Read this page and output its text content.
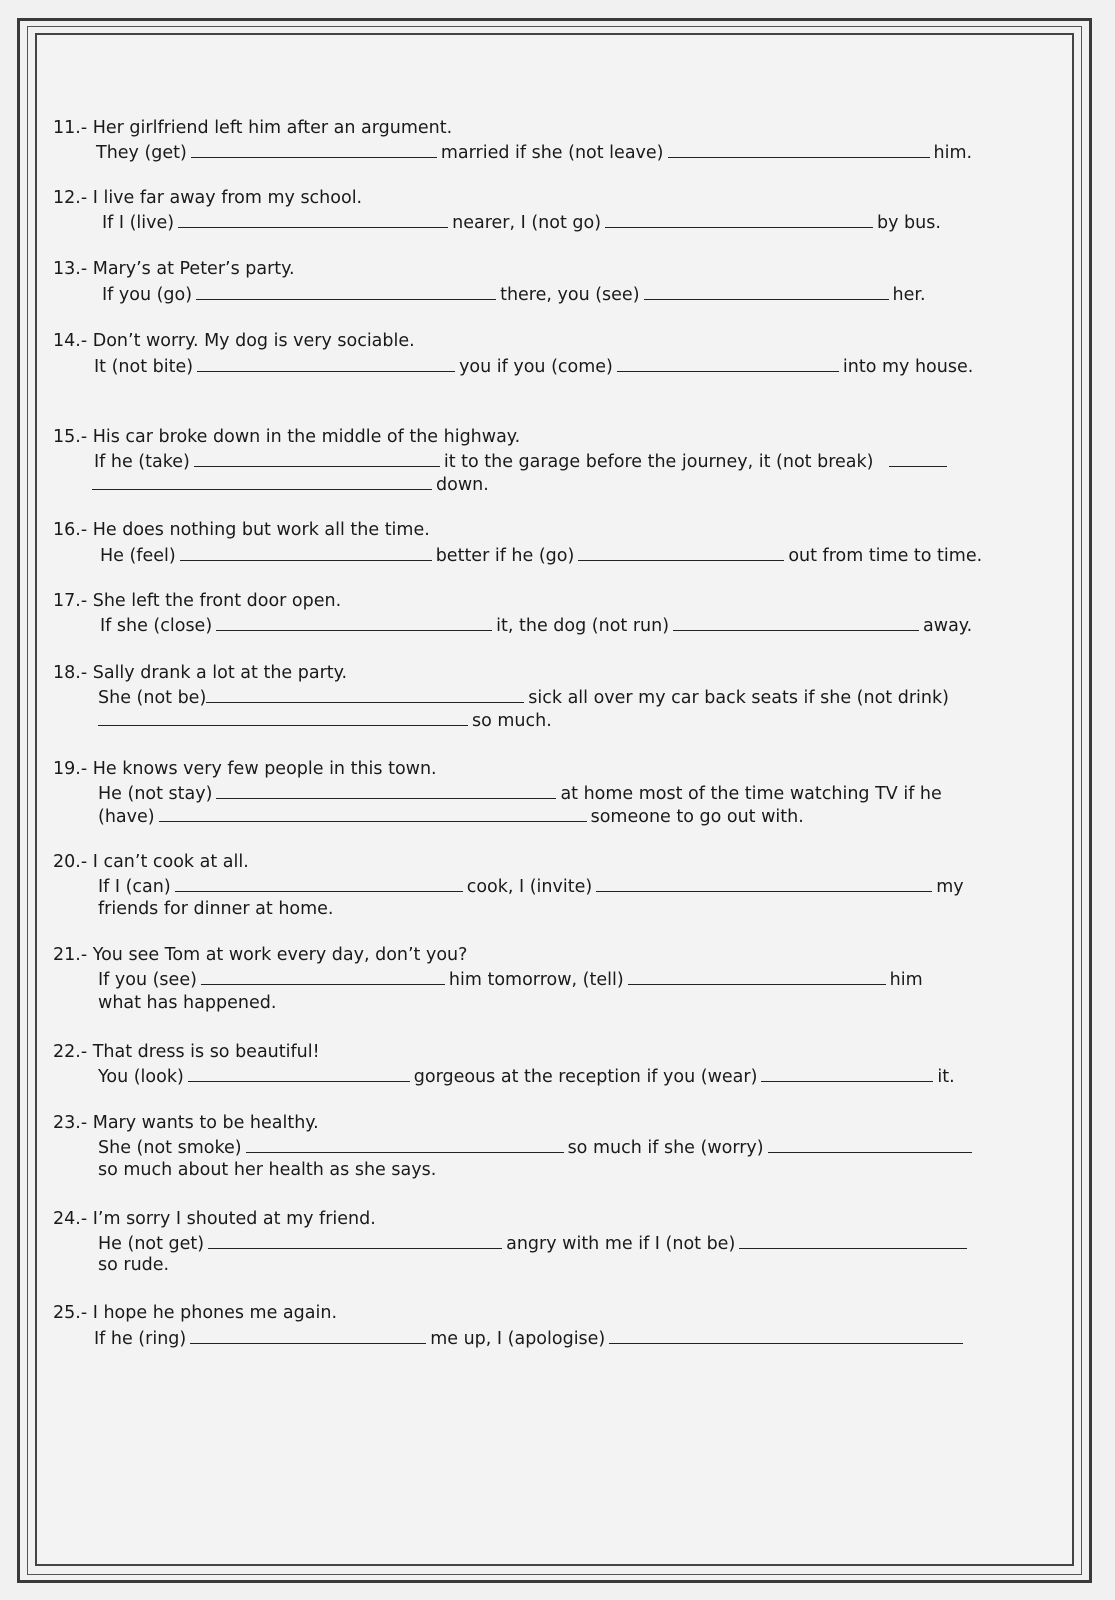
11.- Her girlfriend left him after an argument.
They (get)	married if she (not leave)	him.
12.- I live far away from my school.
If I (live)	nearer, I (not go)	by bus.
13.- Mary’s at Peter’s party.
If you (go)	there, you (see)	her.
14.- Don’t worry. My dog is very sociable.
It (not bite)	you if you (come)	into my house.
15.- His car broke down in the middle of the highway.
If he (take)	it to the garage before the journey, it (not break)
down.
16.- He does nothing but work all the time.
He (feel)	better if he (go)	out from time to time.
17.- She left the front door open.
If she (close)	it, the dog (not run)	away.
18.- Sally drank a lot at the party.
She (not be)	sick all over my car back seats if she (not drink)
so much.
19.- He knows very few people in this town.
He (not stay)	at home most of the time watching TV if he
(have)	someone to go out with.
20.- I can’t cook at all.
If I (can)	cook, I (invite)	my
friends for dinner at home.
21.- You see Tom at work every day, don’t you?
If you (see)	him tomorrow, (tell)	him
what has happened.
22.- That dress is so beautiful!
You (look)	gorgeous at the reception if you (wear)	it.
23.- Mary wants to be healthy.
She (not smoke)	so much if she (worry)
so much about her health as she says.
24.- I’m sorry I shouted at my friend.
He (not get)	angry with me if I (not be)
so rude.
25.- I hope he phones me again.
If he (ring)	me up, I (apologise)
